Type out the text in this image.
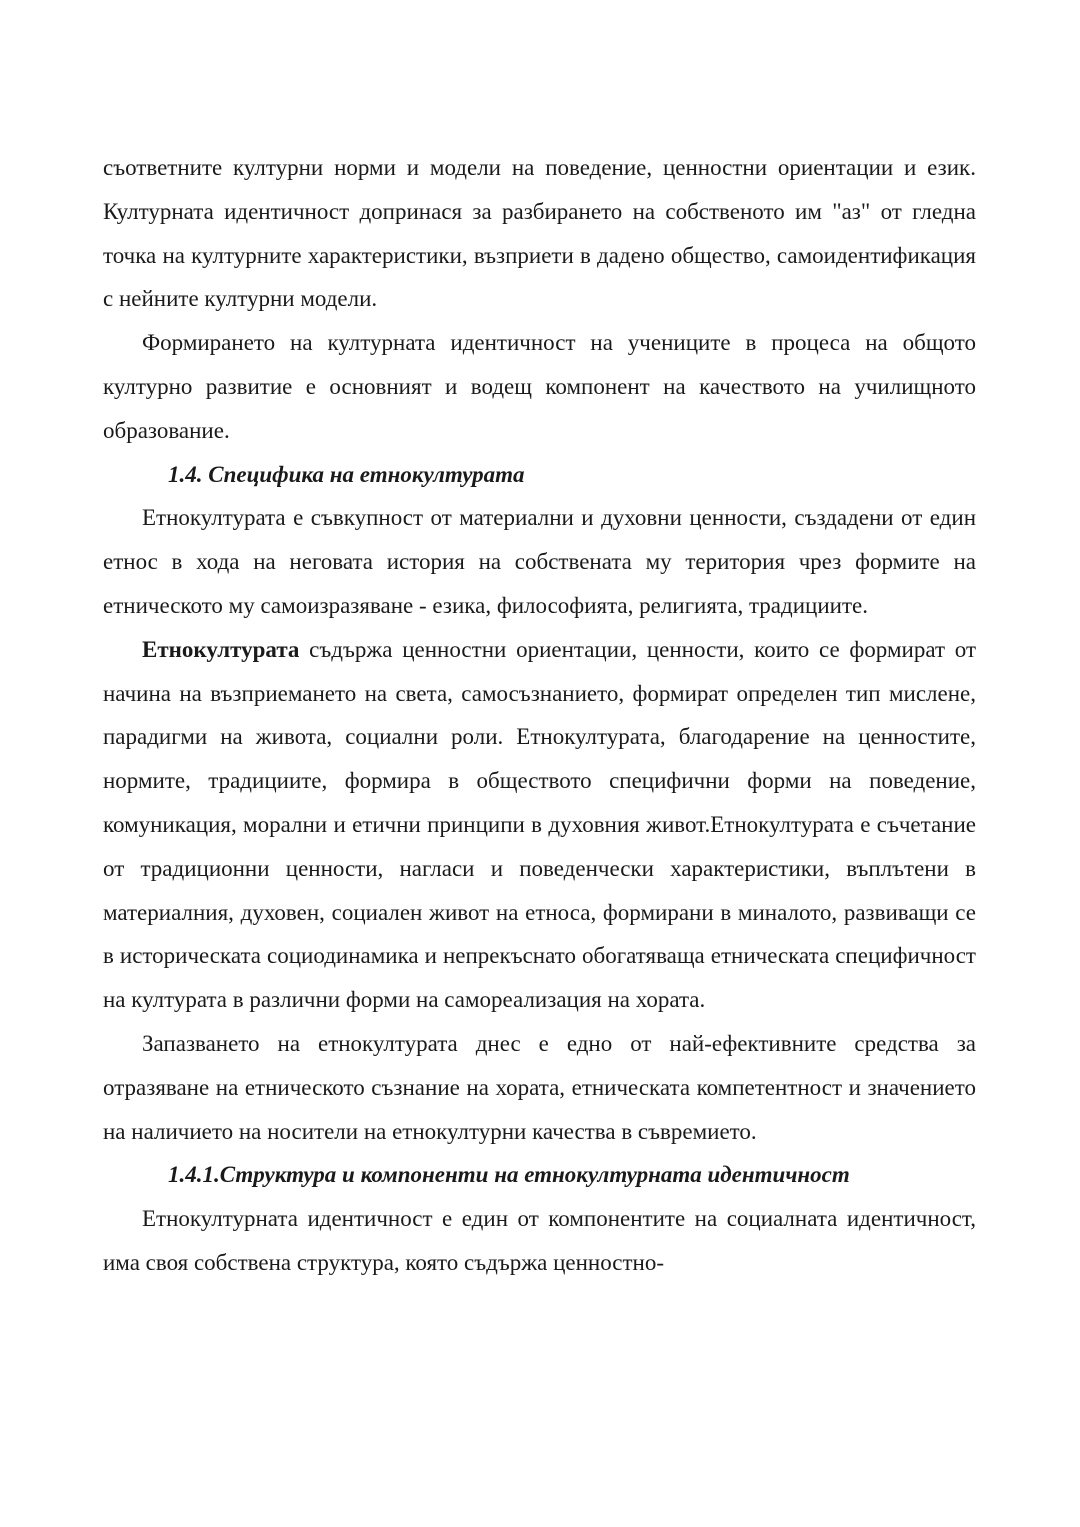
съответните културни норми и модели на поведение, ценностни ориентации и език. Културната идентичност допринася за разбирането на собственото им "аз" от гледна точка на културните характеристики, възприети в дадено общество, самоидентификация с нейните културни модели.

Формирането на културната идентичност на учениците в процеса на общото културно развитие е основният и водещ компонент на качеството на училищното образование.

1.4. Специфика на етнокултурата

Етнокултурата е съвкупност от материални и духовни ценности, създадени от един етнос в хода на неговата история на собствената му територия чрез формите на етническото му самоизразяване - езика, философията, религията, традициите.

Етнокултурата съдържа ценностни ориентации, ценности, които се формират от начина на възприемането на света, самосъзнанието, формират определен тип мислене, парадигми на живота, социални роли. Етнокултурата, благодарение на ценностите, нормите, традициите, формира в обществото специфични форми на поведение, комуникация, морални и етични принципи в духовния живот.Етнокултурата е съчетание от традиционни ценности, нагласи и поведенчески характеристики, въплътени в материалния, духовен, социален живот на етноса, формирани в миналото, развиващи се в историческата социодинамика и непрекъснато обогатяваща етническата специфичност на културата в различни форми на самореализация на хората.

Запазването на етнокултурата днес е едно от най-ефективните средства за отразяване на етническото съзнание на хората, етническата компетентност и значението на наличието на носители на етнокултурни качества в съвремието.

1.4.1.Структура и компоненти на етнокултурната идентичност

Етнокултурната идентичност е един от компонентите на социалната идентичност, има своя собствена структура, която съдържа ценностно-
